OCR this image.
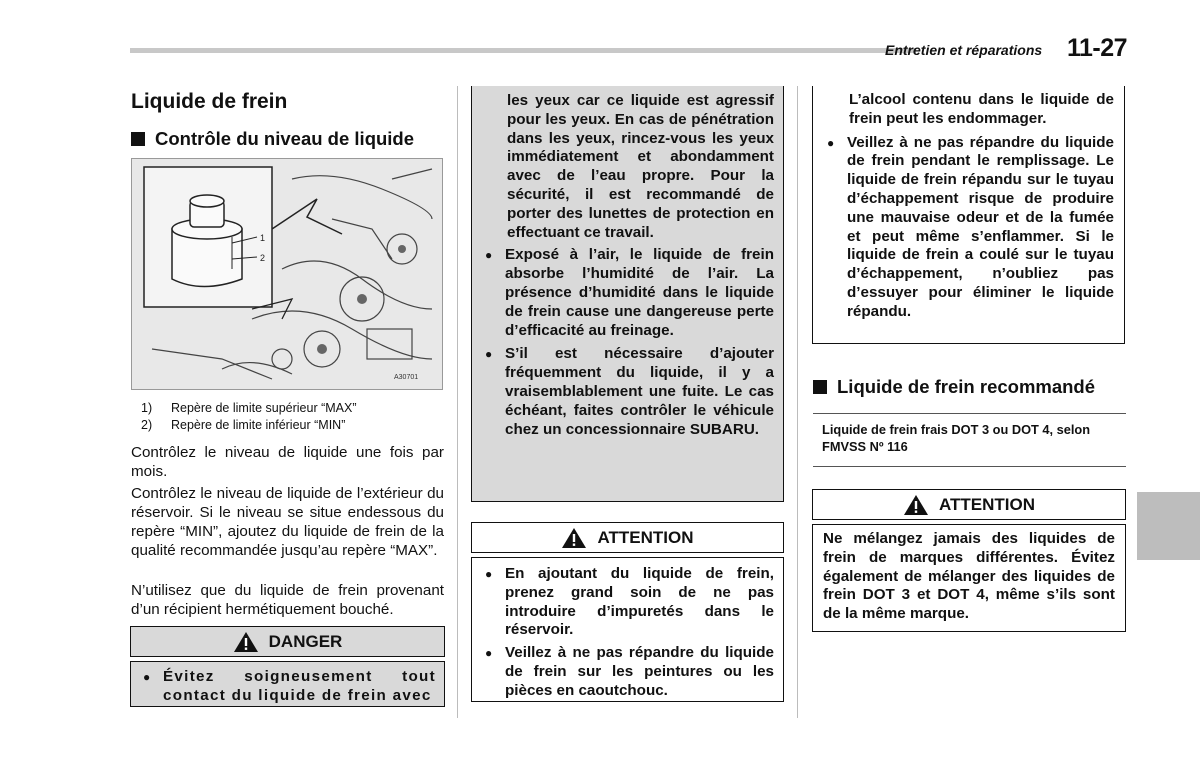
Entretien et réparations 11-27
Liquide de frein
Contrôle du niveau de liquide
1
2
A30701
1) Repère de limite supérieur “MAX”
2) Repère de limite inférieur “MIN”
Contrôlez le niveau de liquide une fois par mois.
Contrôlez le niveau de liquide de l’extérieur du réservoir. Si le niveau se situe endessous du repère “MIN”, ajoutez du liquide de frein de la qualité recommandée jusqu’au repère “MAX”.
N’utilisez que du liquide de frein provenant d’un récipient hermétiquement bouché.
DANGER
● Évitez soigneusement tout contact du liquide de frein avec
les yeux car ce liquide est agressif pour les yeux. En cas de pénétration dans les yeux, rincez-vous les yeux immédiatement et abondamment avec de l’eau propre. Pour la sécurité, il est recommandé de porter des lunettes de protection en effectuant ce travail.
● Exposé à l’air, le liquide de frein absorbe l’humidité de l’air. La présence d’humidité dans le liquide de frein cause une dangereuse perte d’efficacité au freinage.
● S’il est nécessaire d’ajouter fréquemment du liquide, il y a vraisemblablement une fuite. Le cas échéant, faites contrôler le véhicule chez un concessionnaire SUBARU.
ATTENTION
● En ajoutant du liquide de frein, prenez grand soin de ne pas introduire d’impuretés dans le réservoir.
● Veillez à ne pas répandre du liquide de frein sur les peintures ou les pièces en caoutchouc.
L’alcool contenu dans le liquide de frein peut les endommager.
● Veillez à ne pas répandre du liquide de frein pendant le remplissage. Le liquide de frein répandu sur le tuyau d’échappement risque de produire une mauvaise odeur et de la fumée et peut même s’enflammer. Si le liquide de frein a coulé sur le tuyau d’échappement, n’oubliez pas d’essuyer pour éliminer le liquide répandu.
Liquide de frein recommandé
Liquide de frein frais DOT 3 ou DOT 4, selon FMVSS Nº 116
ATTENTION
Ne mélangez jamais des liquides de frein de marques différentes. Évitez également de mélanger des liquides de frein DOT 3 et DOT 4, même s’ils sont de la même marque.
